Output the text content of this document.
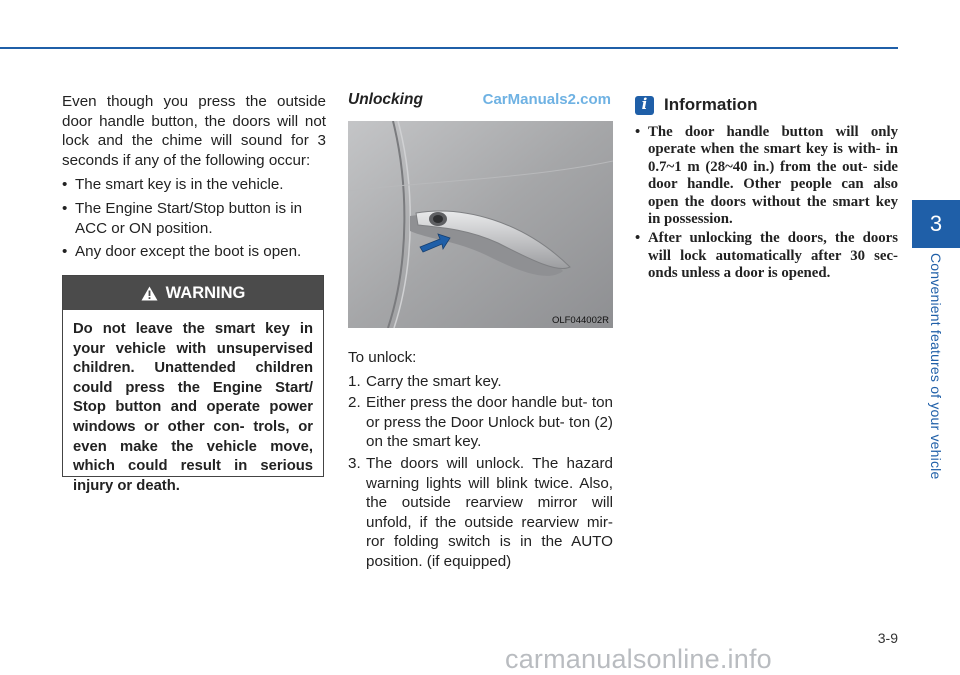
Even though you press the outside door handle button, the doors will not lock and the chime will sound for 3 seconds if any of the following occur:

• The smart key is in the vehicle.
• The Engine Start/Stop button is in ACC or ON position.
• Any door except the boot is open.
WARNING
Do not leave the smart key in your vehicle with unsupervised children. Unattended children could press the Engine Start/ Stop button and operate power windows or other con- trols, or even make the vehicle move, which could result in serious injury or death.
Unlocking	CarManuals2.com
OLF044002R

To unlock:

1. Carry the smart key.
2. Either press the door handle but- ton or press the Door Unlock but- ton (2) on the smart key.
3. The doors will unlock. The hazard warning lights will blink twice. Also, the outside rearview mirror will unfold, if the outside rearview mir- ror folding switch is in the AUTO position. (if equipped)
i Information
• The door handle button will only operate when the smart key is with- in 0.7~1 m (28~40 in.) from the out- side door handle. Other people can also open the doors without the smart key in possession.
• After unlocking the doors, the doors will lock automatically after 30 sec- onds unless a door is opened.
3
Convenient features of your vehicle
3-9
carmanualsonline.info
